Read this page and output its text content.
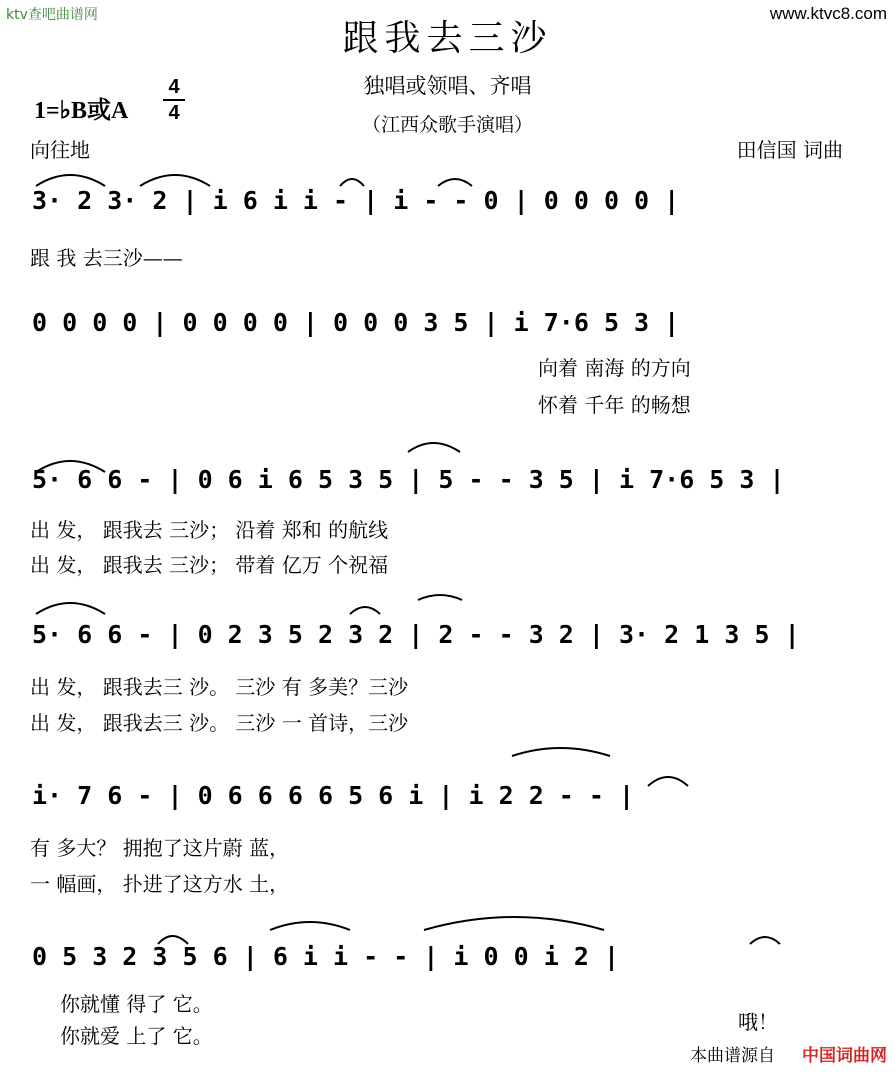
ktv查吧曲谱网	www.ktvc8.com
跟我去三沙
独唱或领唱、齐唱
（江西众歌手演唱）
1=♭B或A
4
4
向往地	田信国 词曲
3· 2 3· 2 | i 6 i i - | i - - 0 | 0 0 0 0 |
跟 我 去三沙——
0 0 0 0 | 0 0 0 0 | 0 0 0 3 5 | i 7·6 5 3 |
向着 南海 的方向
怀着 千年 的畅想
5· 6 6 - | 0 6 i 6 5 3 5 | 5 - - 3 5 | i 7·6 5 3 |
出 发， 跟我去 三沙； 沿着 郑和 的航线
出 发， 跟我去 三沙； 带着 亿万 个祝福
5· 6 6 - | 0 2 3 5 2 3 2 | 2 - - 3 2 | 3· 2 1 3 5 |
出 发， 跟我去三 沙。 三沙 有 多美？三沙
出 发， 跟我去三 沙。 三沙 一 首诗，三沙
i· 7 6 - | 0 6 6 6 6 5 6 i | i 2 2 - - |
有 多大？ 拥抱了这片蔚 蓝，
一 幅画， 扑进了这方水 土，
0 5 3 2 3 5 6 | 6 i i - - | i 0 0 i 2 |
你就懂 得了 它。
你就爱 上了 它。
哦！
本曲谱源自 中国词曲网
